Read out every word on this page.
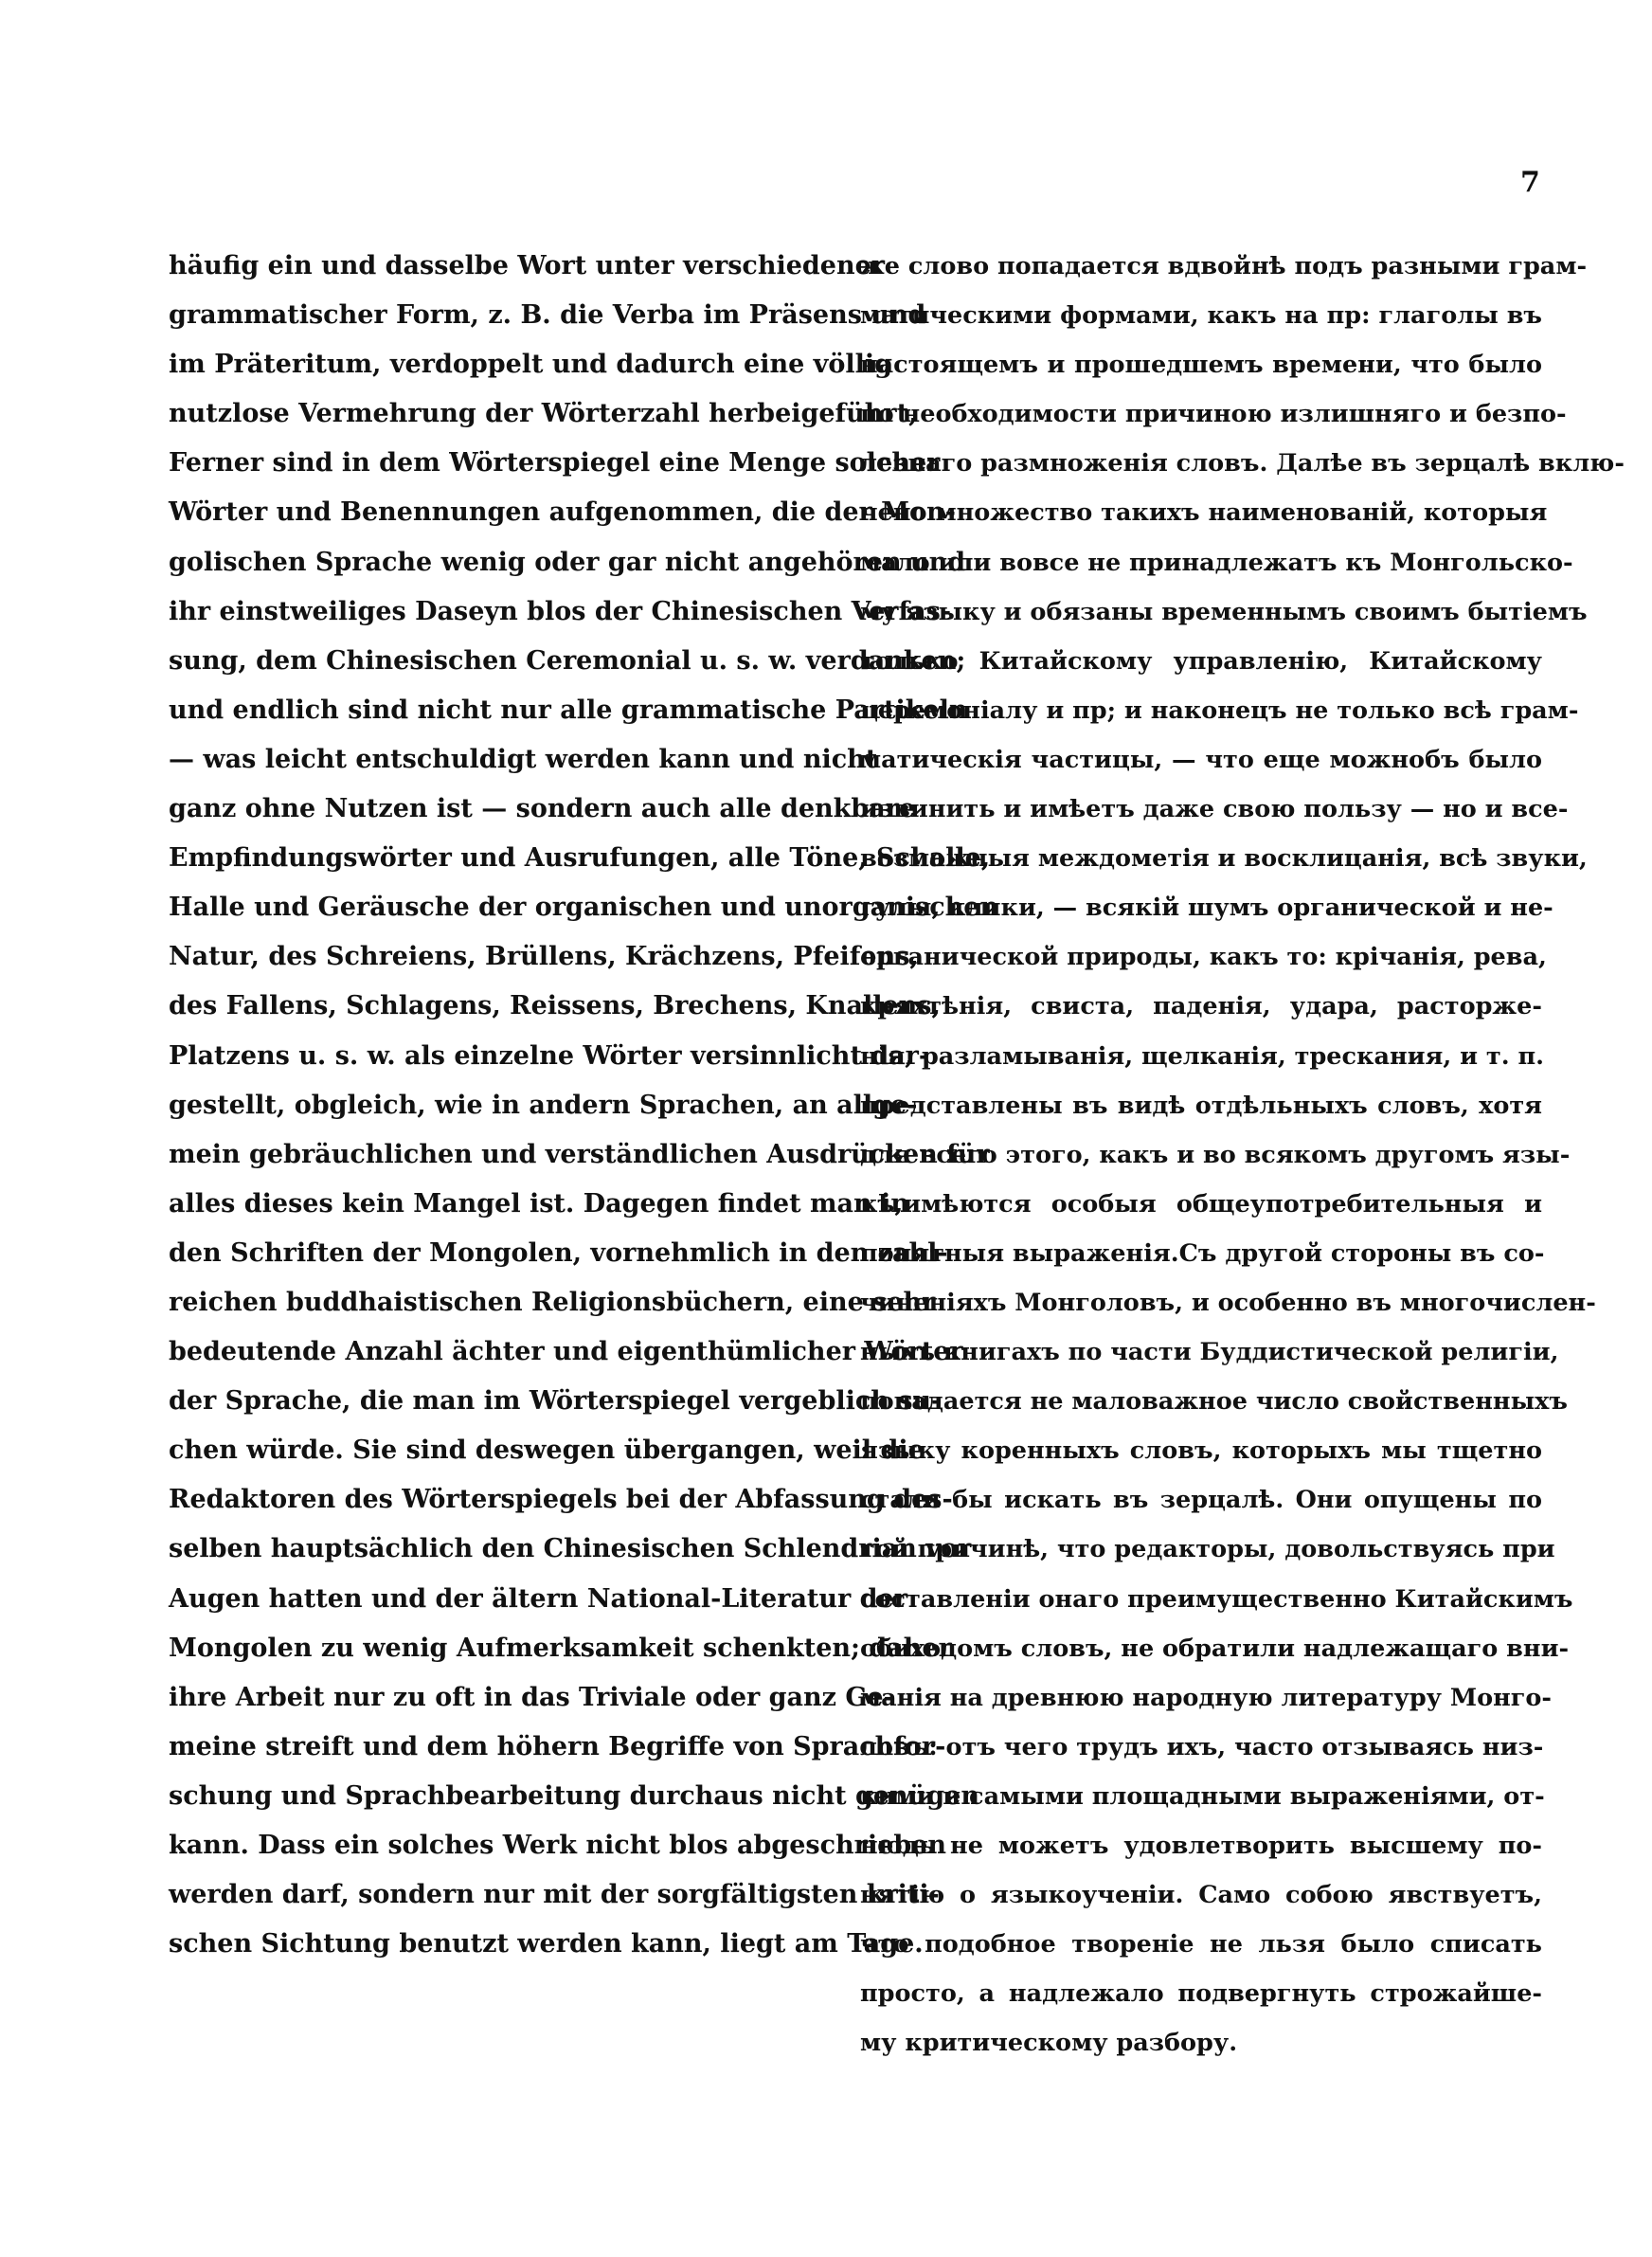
7
häufig ein und dasselbe Wort unter verschiedener
grammatischer Form, z. B. die Verba im Präsens und
im Präteritum, verdoppelt und dadurch eine völlig
nutzlose Vermehrung der Wörterzahl herbeigeführt,
Ferner sind in dem Wörterspiegel eine Menge solcher
Wörter und Benennungen aufgenommen, die der Mon-
golischen Sprache wenig oder gar nicht angehören und
ihr einstweiliges Daseyn blos der Chinesischen Verfas-
sung, dem Chinesischen Ceremonial u. s. w. verdanken;
und endlich sind nicht nur alle grammatische Partikeln
— was leicht entschuldigt werden kann und nicht
ganz ohne Nutzen ist — sondern auch alle denkbare
Empfindungswörter und Ausrufungen, alle Töne, Schalle,
Halle und Geräusche der organischen und unorganischen
Natur, des Schreiens, Brüllens, Krächzens, Pfeifens,
des Fallens, Schlagens, Reissens, Brechens, Knallens,
Platzens u. s. w. als einzelne Wörter versinnlicht dar-
gestellt, obgleich, wie in andern Sprachen, an allge-
mein gebräuchlichen und verständlichen Ausdrücken für
alles dieses kein Mangel ist. Dagegen findet man in
den Schriften der Mongolen, vornehmlich in den zahl-
reichen buddhaistischen Religionsbüchern, eine sehr
bedeutende Anzahl ächter und eigenthümlicher Wörter
der Sprache, die man im Wörterspiegel vergeblich su-
chen würde. Sie sind deswegen übergangen, weil die
Redaktoren des Wörterspiegels bei der Abfassung des-
selben hauptsächlich den Chinesischen Schlendrian vor
Augen hatten und der ältern National-Literatur der
Mongolen zu wenig Aufmerksamkeit schenkten; daher
ihre Arbeit nur zu oft in das Triviale oder ganz Ge-
meine streift und dem höhern Begriffe von Sprachfor-
schung und Sprachbearbeitung durchaus nicht genügen
kann. Dass ein solches Werk nicht blos abgeschrieben
werden darf, sondern nur mit der sorgfältigsten kriti-
schen Sichtung benutzt werden kann, liegt am Tage.
же слово попадается вдвойнѣ подъ разными грам-
матическими формами, какъ на пр: глаголы въ
настоящемъ и прошедшемъ времени, что было
по необходимости причиною излишняго и безпо-
лезнаго размноженія словъ. Далѣе въ зерцалѣ вклю-
чено множество такихъ наименованій, которыя
мало или вовсе не принадлежатъ къ Монгольско-
му языку и обязаны временнымъ своимъ бытіемъ
только Китайскому управленію, Китайскому
церемоніалу и пр; и наконецъ не только всѣ грам-
матическія частицы, — что еще можнобъ было
извинить и имѣетъ даже свою пользу — но и все-
возможныя междометія и восклицанія, всѣ звуки,
гулы, клики, — всякій шумъ органической и не-
органической природы, какъ то: крічанія, рева,
кряхтѣнія, свиста, паденія, удара, расторже-
нія, разламыванія, щелканія, трескания, и т. п.
представлены въ видѣ отдѣльныхъ словъ, хотя
для всего этого, какъ и во всякомъ другомъ язы-
кѣ,имѣются особыя общеупотребительныя и
понятныя выраженія.Съ другой стороны въ со-
чиненіяхъ Монголовъ, и особенно въ многочислен-
ныхъ книгахъ по части Буддистической религіи,
попадается не маловажное число свойственныхъ
языку коренныхъ словъ, которыхъ мы тщетно
стали бы искать въ зерцалѣ. Они опущены по
той причинѣ, что редакторы, довольствуясь при
составленіи онаго преимущественно Китайскимъ
обиходомъ словъ, не обратили надлежащаго вни-
манія на древнюю народную литературу Монго-
ловъ: отъ чего трудъ ихъ, часто отзываясь низ-
кими и самыми площадными выраженіями, от-
нюдь не можетъ удовлетворить высшему по-
нятію о языкоученіи. Само собою явствуетъ,
что подобное твореніе не льзя было списать
просто, а надлежало подвергнуть строжайше-
му критическому разбору.
